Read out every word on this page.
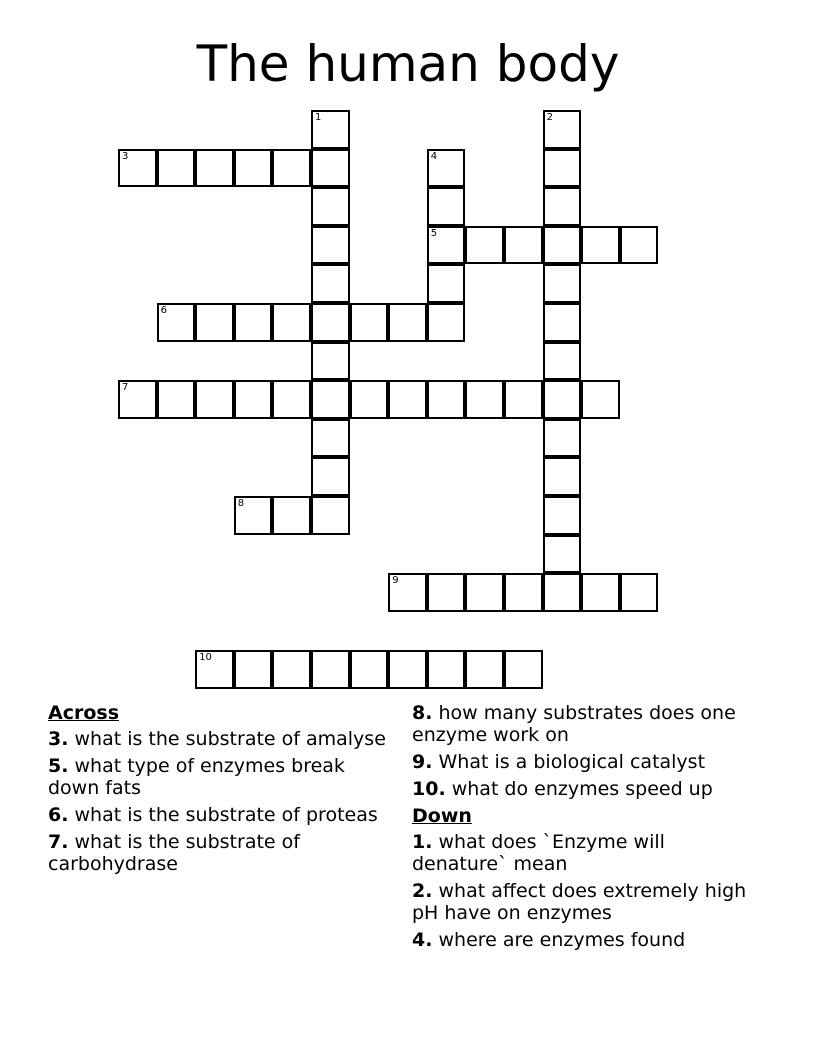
The human body
1	2
3	4
5
6
7
8
9
10
Across
3. what is the substrate of amalyse
5. what type of enzymes break down fats
6. what is the substrate of proteas
7. what is the substrate of carbohydrase
8. how many substrates does one enzyme work on
9. What is a biological catalyst
10. what do enzymes speed up
Down
1. what does `Enzyme will denature` mean
2. what affect does extremely high pH have on enzymes
4. where are enzymes found
